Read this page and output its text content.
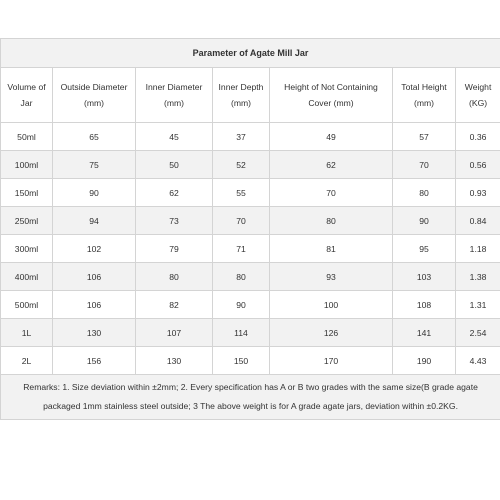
Parameter of Agate Mill Jar						
Volume of Jar	Outside Diameter (mm)	Inner Diameter (mm)	Inner Depth (mm)	Height of Not Containing Cover (mm)	Total Height (mm)	Weight (KG)
50ml	65	45	37	49	57	0.36
100ml	75	50	52	62	70	0.56
150ml	90	62	55	70	80	0.93
250ml	94	73	70	80	90	0.84
300ml	102	79	71	81	95	1.18
400ml	106	80	80	93	103	1.38
500ml	106	82	90	100	108	1.31
1L	130	107	114	126	141	2.54
2L	156	130	150	170	190	4.43
Remarks: 1. Size deviation within ±2mm; 2. Every specification has A or B two grades with the same size(B grade agate packaged 1mm stainless steel outside; 3 The above weight is for A grade agate jars, deviation within ±0.2KG.						
